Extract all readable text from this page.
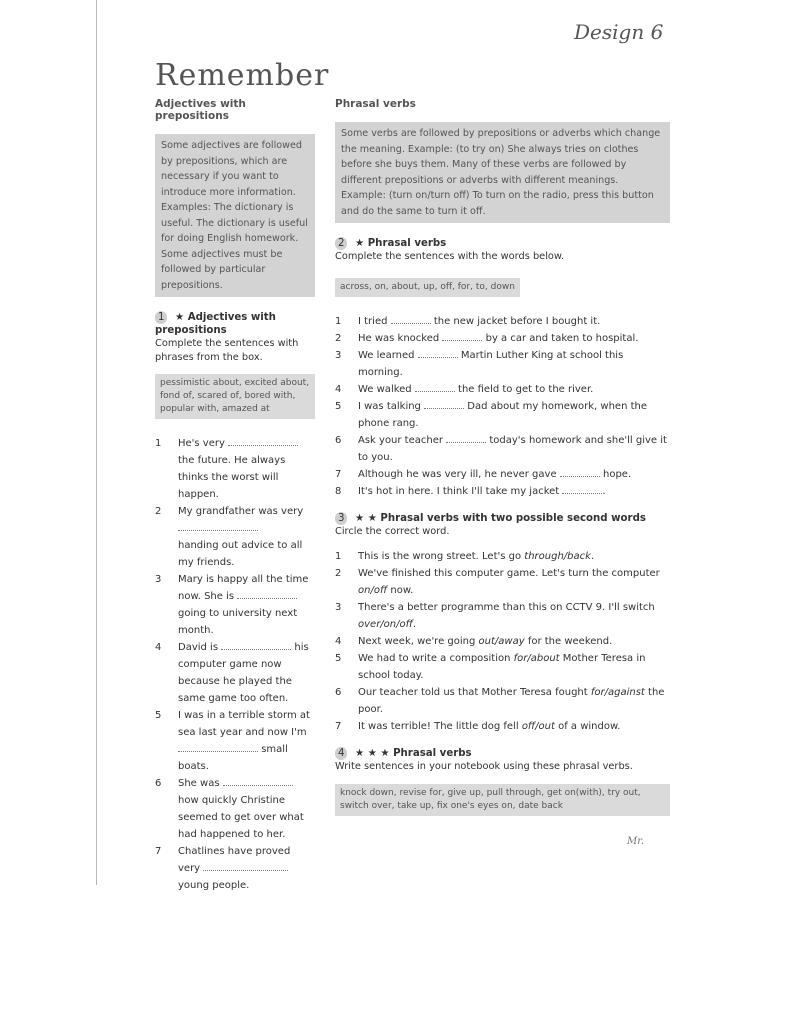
Design 6
Remember
Adjectives with prepositions
Some adjectives are followed by prepositions, which are necessary if you want to introduce more information. Examples: The dictionary is useful. The dictionary is useful for doing English homework. Some adjectives must be followed by particular prepositions.
1 ★ Adjectives with prepositions
Complete the sentences with phrases from the box.
pessimistic about, excited about, fond of, scared of, bored with, popular with, amazed at
1	He's very  the future. He always thinks the worst will happen.
2	My grandfather was very

handing out advice to all my friends.
3	Mary is happy all the time now. She is  going to university next month.
4	David is	his computer game now because he played the same game too often.
5	I was in a terrible storm at sea last year and now I'm  small boats.
6	She was  how quickly Christine seemed to get over what had happened to her.
7	Chatlines have proved very  young people.
Phrasal verbs
Some verbs are followed by prepositions or adverbs which change the meaning. Example: (to try on) She always tries on clothes before she buys them. Many of these verbs are followed by different prepositions or adverbs with different meanings. Example: (turn on/turn off) To turn on the radio, press this button and do the same to turn it off.
2 ★ Phrasal verbs
Complete the sentences with the words below.
across, on, about, up, off, for, to, down
1	I tried	the new jacket before I bought it.
2	He was knocked	by a car and taken to hospital.
3	We learned	Martin Luther King at school this morning.
4	We walked	the field to get to the river.
5	I was talking	Dad about my homework, when the phone rang.
6	Ask your teacher	today's homework and she'll give it to you.
7	Although he was very ill, he never gave	hope.
8	It's hot in here. I think I'll take my jacket	.
3 ★ ★ Phrasal verbs with two possible second words
Circle the correct word.
1	This is the wrong street. Let's go through/back.
2	We've finished this computer game. Let's turn the computer on/off now.
3	There's a better programme than this on CCTV 9. I'll switch over/on/off.
4	Next week, we're going out/away for the weekend.
5	We had to write a composition for/about Mother Teresa in school today.
6	Our teacher told us that Mother Teresa fought for/against the poor.
7	It was terrible! The little dog fell off/out of a window.
4 ★ ★ ★ Phrasal verbs
Write sentences in your notebook using these phrasal verbs.
knock down, revise for, give up, pull through, get on(with), try out, switch over, take up, fix one's eyes on, date back
Mr.
